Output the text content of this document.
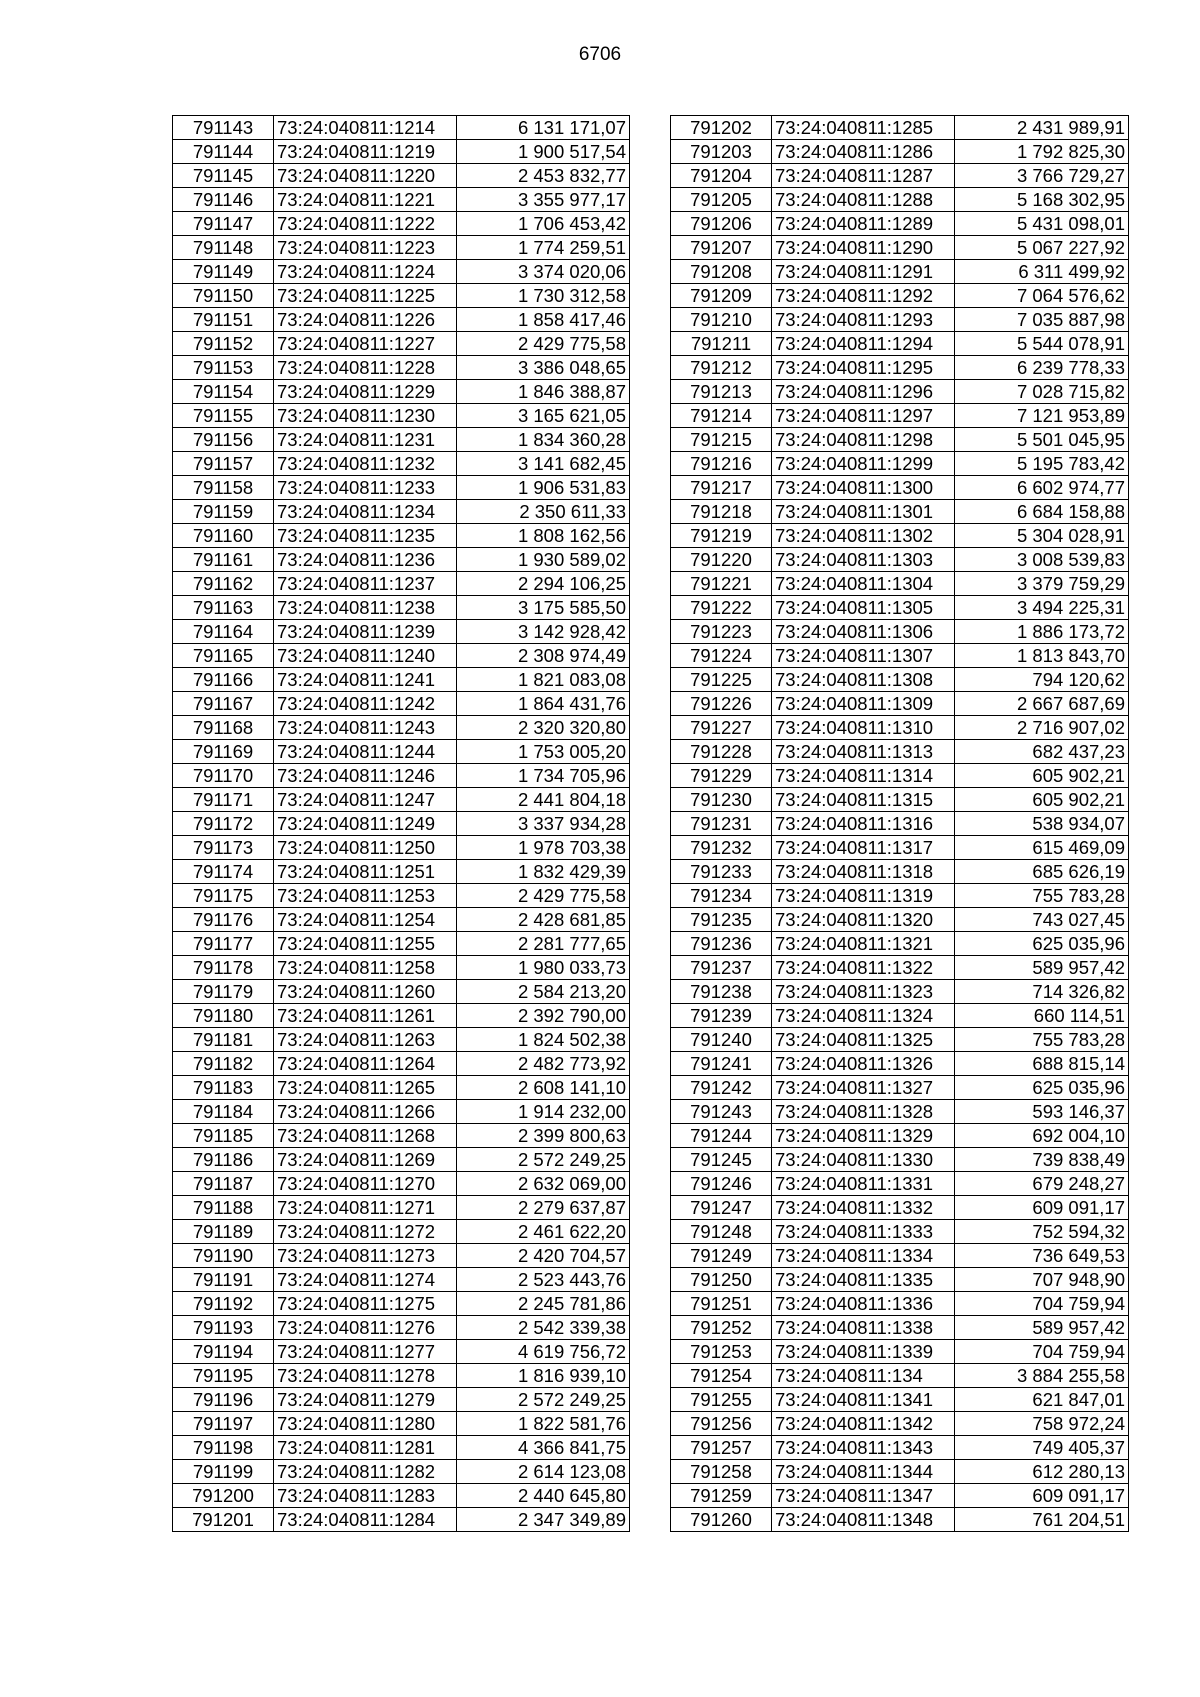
6706
791143	73:24:040811:1214	6 131 171,07
791144	73:24:040811:1219	1 900 517,54
791145	73:24:040811:1220	2 453 832,77
791146	73:24:040811:1221	3 355 977,17
791147	73:24:040811:1222	1 706 453,42
791148	73:24:040811:1223	1 774 259,51
791149	73:24:040811:1224	3 374 020,06
791150	73:24:040811:1225	1 730 312,58
791151	73:24:040811:1226	1 858 417,46
791152	73:24:040811:1227	2 429 775,58
791153	73:24:040811:1228	3 386 048,65
791154	73:24:040811:1229	1 846 388,87
791155	73:24:040811:1230	3 165 621,05
791156	73:24:040811:1231	1 834 360,28
791157	73:24:040811:1232	3 141 682,45
791158	73:24:040811:1233	1 906 531,83
791159	73:24:040811:1234	2 350 611,33
791160	73:24:040811:1235	1 808 162,56
791161	73:24:040811:1236	1 930 589,02
791162	73:24:040811:1237	2 294 106,25
791163	73:24:040811:1238	3 175 585,50
791164	73:24:040811:1239	3 142 928,42
791165	73:24:040811:1240	2 308 974,49
791166	73:24:040811:1241	1 821 083,08
791167	73:24:040811:1242	1 864 431,76
791168	73:24:040811:1243	2 320 320,80
791169	73:24:040811:1244	1 753 005,20
791170	73:24:040811:1246	1 734 705,96
791171	73:24:040811:1247	2 441 804,18
791172	73:24:040811:1249	3 337 934,28
791173	73:24:040811:1250	1 978 703,38
791174	73:24:040811:1251	1 832 429,39
791175	73:24:040811:1253	2 429 775,58
791176	73:24:040811:1254	2 428 681,85
791177	73:24:040811:1255	2 281 777,65
791178	73:24:040811:1258	1 980 033,73
791179	73:24:040811:1260	2 584 213,20
791180	73:24:040811:1261	2 392 790,00
791181	73:24:040811:1263	1 824 502,38
791182	73:24:040811:1264	2 482 773,92
791183	73:24:040811:1265	2 608 141,10
791184	73:24:040811:1266	1 914 232,00
791185	73:24:040811:1268	2 399 800,63
791186	73:24:040811:1269	2 572 249,25
791187	73:24:040811:1270	2 632 069,00
791188	73:24:040811:1271	2 279 637,87
791189	73:24:040811:1272	2 461 622,20
791190	73:24:040811:1273	2 420 704,57
791191	73:24:040811:1274	2 523 443,76
791192	73:24:040811:1275	2 245 781,86
791193	73:24:040811:1276	2 542 339,38
791194	73:24:040811:1277	4 619 756,72
791195	73:24:040811:1278	1 816 939,10
791196	73:24:040811:1279	2 572 249,25
791197	73:24:040811:1280	1 822 581,76
791198	73:24:040811:1281	4 366 841,75
791199	73:24:040811:1282	2 614 123,08
791200	73:24:040811:1283	2 440 645,80
791201	73:24:040811:1284	2 347 349,89
791202	73:24:040811:1285	2 431 989,91
791203	73:24:040811:1286	1 792 825,30
791204	73:24:040811:1287	3 766 729,27
791205	73:24:040811:1288	5 168 302,95
791206	73:24:040811:1289	5 431 098,01
791207	73:24:040811:1290	5 067 227,92
791208	73:24:040811:1291	6 311 499,92
791209	73:24:040811:1292	7 064 576,62
791210	73:24:040811:1293	7 035 887,98
791211	73:24:040811:1294	5 544 078,91
791212	73:24:040811:1295	6 239 778,33
791213	73:24:040811:1296	7 028 715,82
791214	73:24:040811:1297	7 121 953,89
791215	73:24:040811:1298	5 501 045,95
791216	73:24:040811:1299	5 195 783,42
791217	73:24:040811:1300	6 602 974,77
791218	73:24:040811:1301	6 684 158,88
791219	73:24:040811:1302	5 304 028,91
791220	73:24:040811:1303	3 008 539,83
791221	73:24:040811:1304	3 379 759,29
791222	73:24:040811:1305	3 494 225,31
791223	73:24:040811:1306	1 886 173,72
791224	73:24:040811:1307	1 813 843,70
791225	73:24:040811:1308	794 120,62
791226	73:24:040811:1309	2 667 687,69
791227	73:24:040811:1310	2 716 907,02
791228	73:24:040811:1313	682 437,23
791229	73:24:040811:1314	605 902,21
791230	73:24:040811:1315	605 902,21
791231	73:24:040811:1316	538 934,07
791232	73:24:040811:1317	615 469,09
791233	73:24:040811:1318	685 626,19
791234	73:24:040811:1319	755 783,28
791235	73:24:040811:1320	743 027,45
791236	73:24:040811:1321	625 035,96
791237	73:24:040811:1322	589 957,42
791238	73:24:040811:1323	714 326,82
791239	73:24:040811:1324	660 114,51
791240	73:24:040811:1325	755 783,28
791241	73:24:040811:1326	688 815,14
791242	73:24:040811:1327	625 035,96
791243	73:24:040811:1328	593 146,37
791244	73:24:040811:1329	692 004,10
791245	73:24:040811:1330	739 838,49
791246	73:24:040811:1331	679 248,27
791247	73:24:040811:1332	609 091,17
791248	73:24:040811:1333	752 594,32
791249	73:24:040811:1334	736 649,53
791250	73:24:040811:1335	707 948,90
791251	73:24:040811:1336	704 759,94
791252	73:24:040811:1338	589 957,42
791253	73:24:040811:1339	704 759,94
791254	73:24:040811:134	3 884 255,58
791255	73:24:040811:1341	621 847,01
791256	73:24:040811:1342	758 972,24
791257	73:24:040811:1343	749 405,37
791258	73:24:040811:1344	612 280,13
791259	73:24:040811:1347	609 091,17
791260	73:24:040811:1348	761 204,51
